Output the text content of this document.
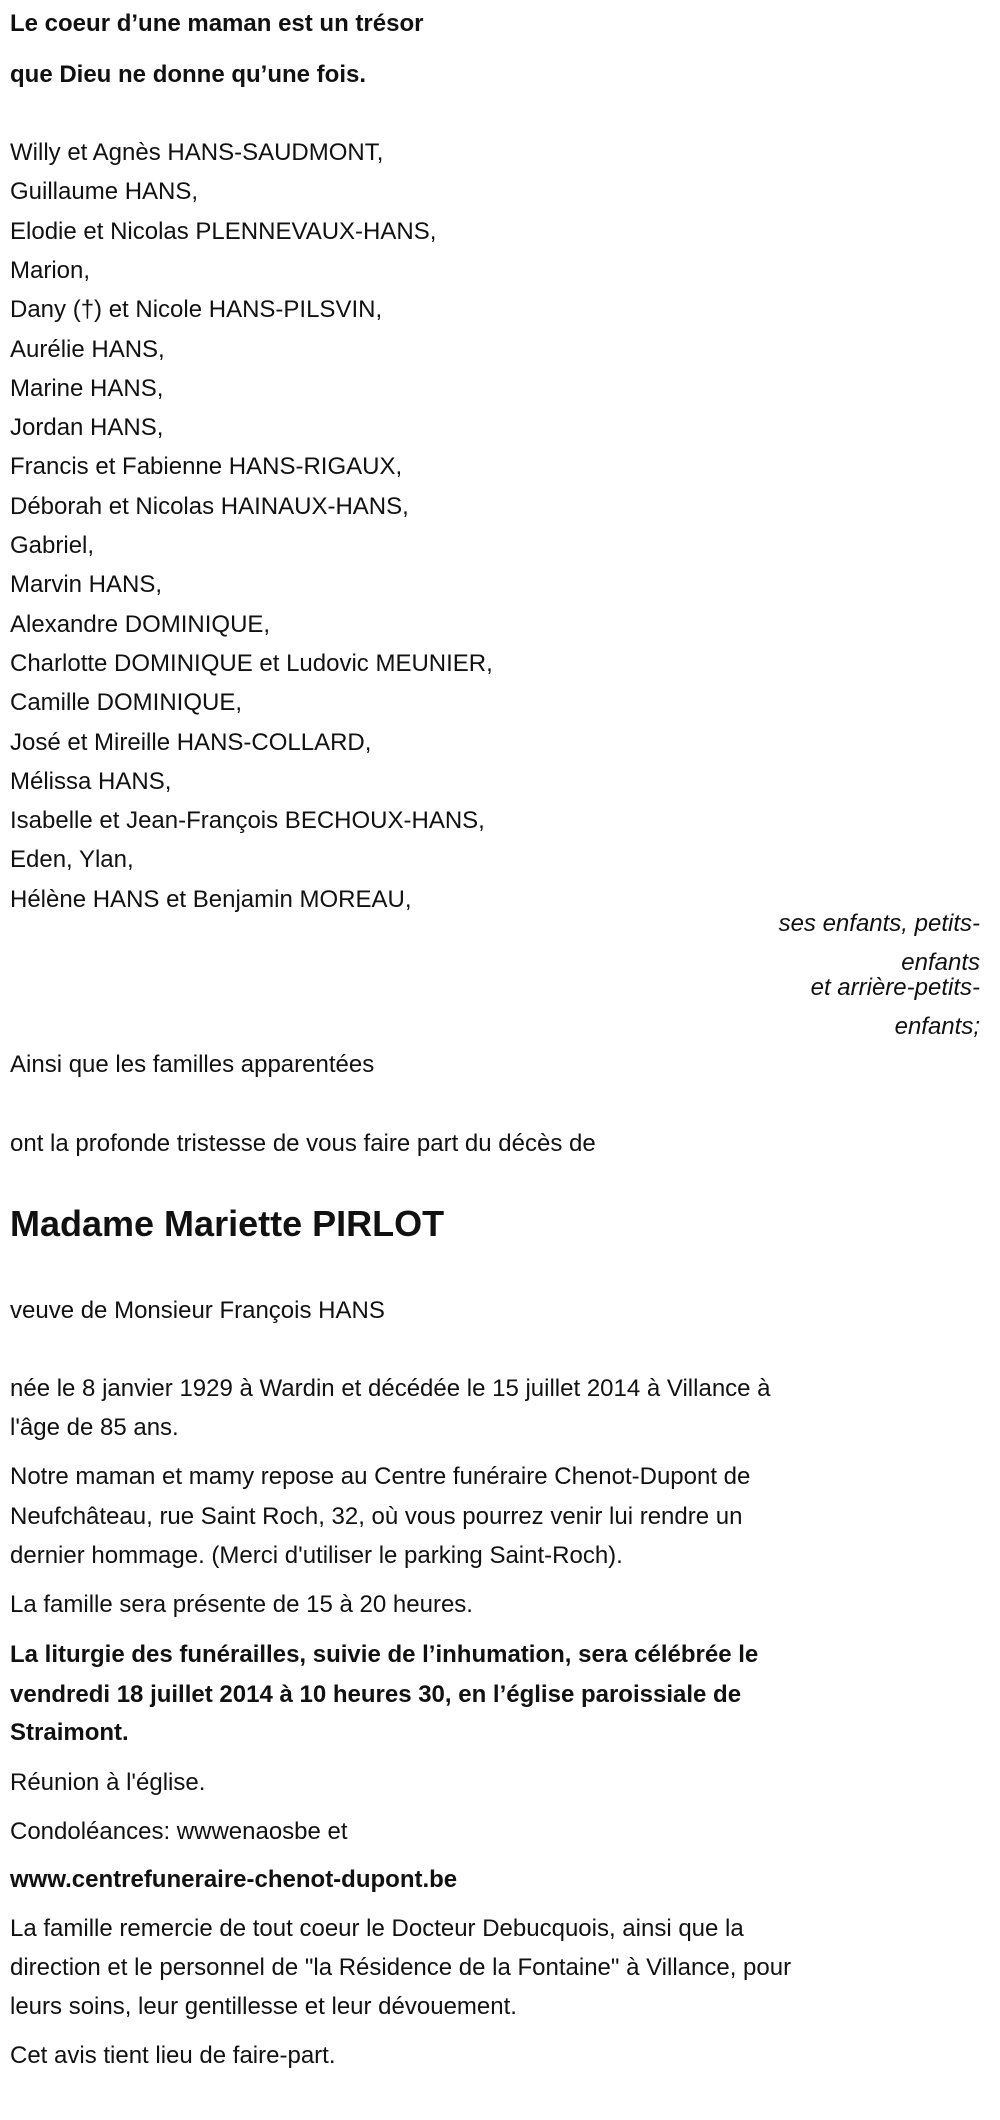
Le coeur d’une maman est un trésor
que Dieu ne donne qu’une fois.
Willy et Agnès HANS-SAUDMONT,
Guillaume HANS,
Elodie et Nicolas PLENNEVAUX-HANS,
Marion,
Dany (†) et Nicole HANS-PILSVIN,
Aurélie HANS,
Marine HANS,
Jordan HANS,
Francis et Fabienne HANS-RIGAUX,
Déborah et Nicolas HAINAUX-HANS,
Gabriel,
Marvin HANS,
Alexandre DOMINIQUE,
Charlotte DOMINIQUE et Ludovic MEUNIER,
Camille DOMINIQUE,
José et Mireille HANS-COLLARD,
Mélissa HANS,
Isabelle et Jean-François BECHOUX-HANS,
Eden, Ylan,
Hélène HANS et Benjamin MOREAU,
ses enfants, petits-
enfants
et arrière-petits-
enfants;
Ainsi que les familles apparentées
ont la profonde tristesse de vous faire part du décès de
Madame Mariette PIRLOT
veuve de Monsieur François HANS
née le 8 janvier 1929 à Wardin et décédée le 15 juillet 2014 à Villance à
l'âge de 85 ans.
Notre maman et mamy repose au Centre funéraire Chenot-Dupont de
Neufchâteau, rue Saint Roch, 32, où vous pourrez venir lui rendre un
dernier hommage. (Merci d'utiliser le parking Saint-Roch).
La famille sera présente de 15 à 20 heures.
La liturgie des funérailles, suivie de l’inhumation, sera célébrée le
vendredi 18 juillet 2014 à 10 heures 30, en l’église paroissiale de
Straimont.
Réunion à l'église.
Condoléances: wwwenaosbe et
www.centrefuneraire-chenot-dupont.be
La famille remercie de tout coeur le Docteur Debucquois, ainsi que la
direction et le personnel de "la Résidence de la Fontaine" à Villance, pour
leurs soins, leur gentillesse et leur dévouement.
Cet avis tient lieu de faire-part.
